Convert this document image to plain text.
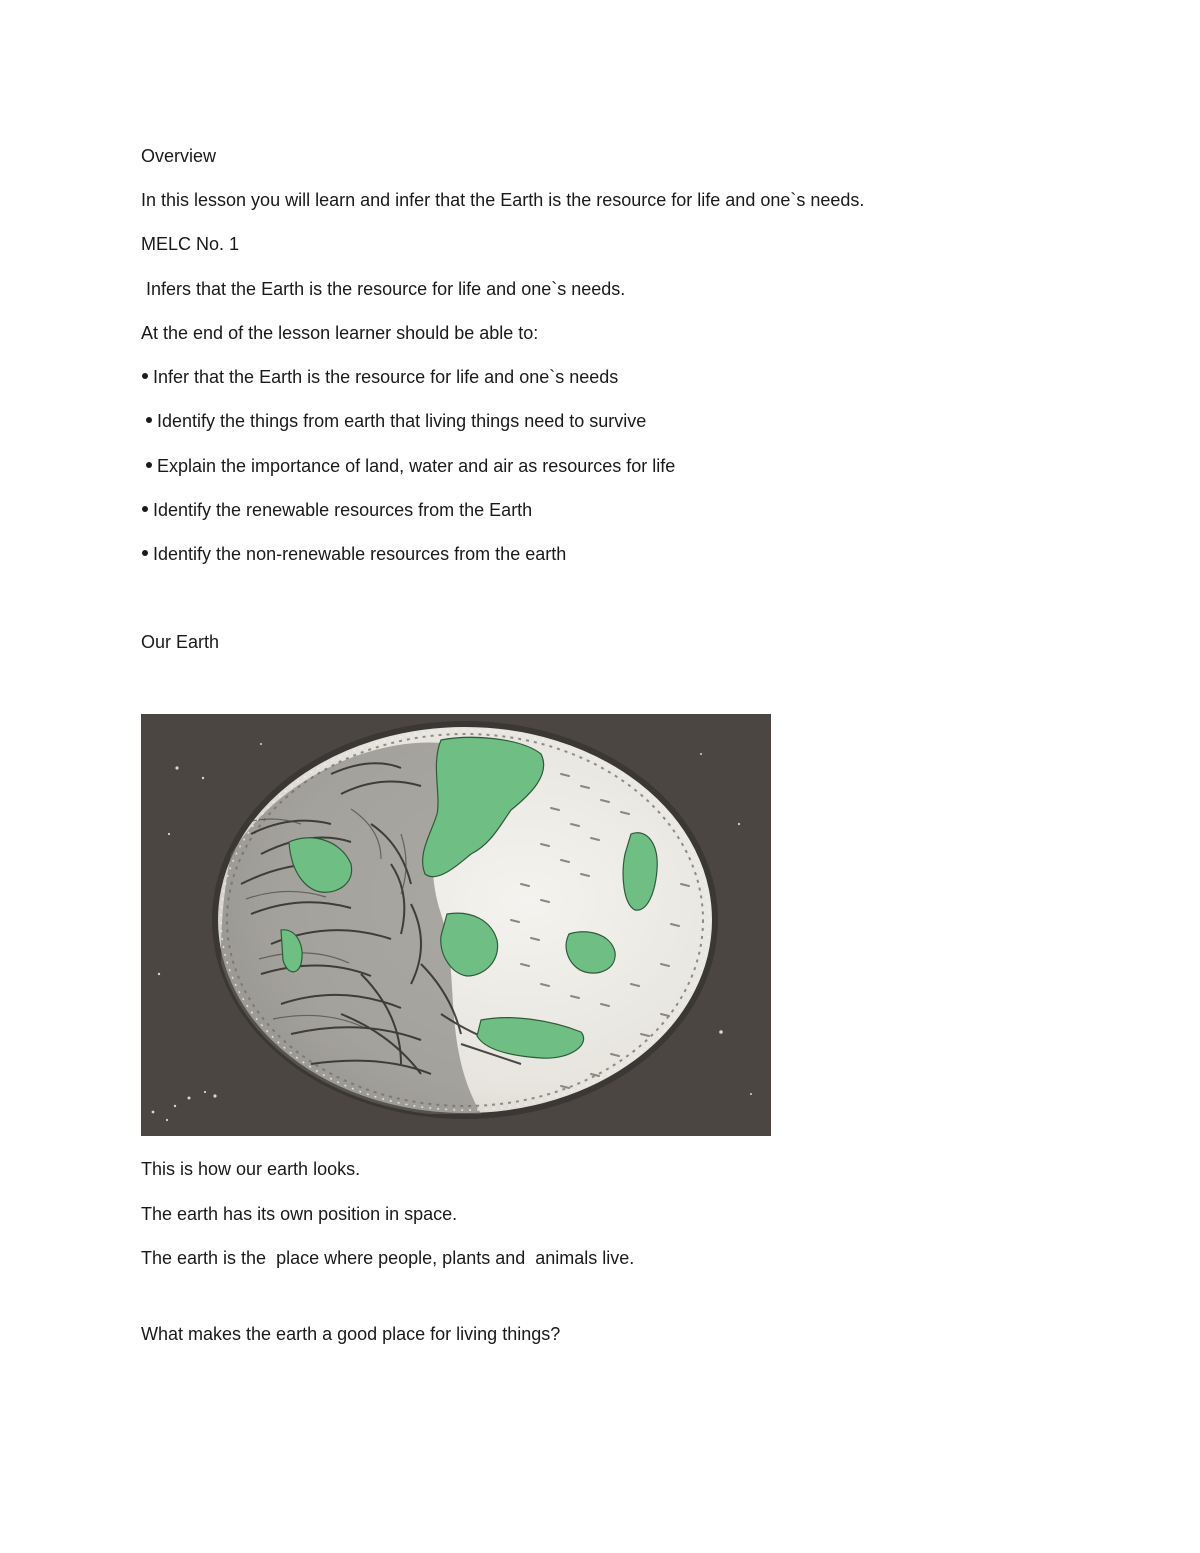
Overview
In this lesson you will learn and infer that the Earth is the resource for life and one`s needs.
MELC No. 1
Infers that the Earth is the resource for life and one`s needs.
At the end of the lesson learner should be able to:
Infer that the Earth is the resource for life and one`s needs
Identify the things from earth that living things need to survive
Explain the importance of land, water and air as resources for life
Identify the renewable resources from the Earth
Identify the non-renewable resources from the earth
Our Earth
This is how our earth looks.
The earth has its own position in space.
The earth is the  place where people, plants and  animals live.
What makes the earth a good place for living things?
